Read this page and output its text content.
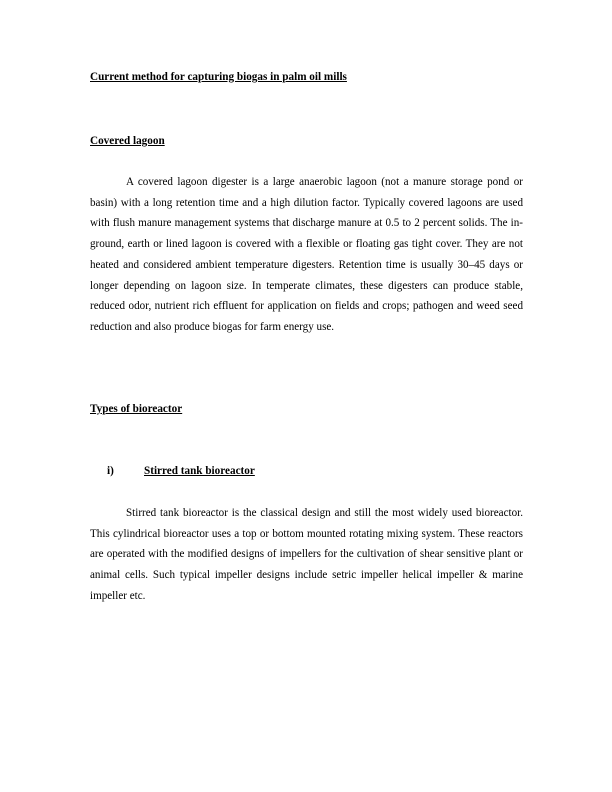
Current method for capturing biogas in palm oil mills
Covered lagoon

A covered lagoon digester is a large anaerobic lagoon (not a manure storage pond or basin) with a long retention time and a high dilution factor. Typically covered lagoons are used with flush manure management systems that discharge manure at 0.5 to 2 percent solids. The in-ground, earth or lined lagoon is covered with a flexible or floating gas tight cover. They are not heated and considered ambient temperature digesters. Retention time is usually 30–45 days or longer depending on lagoon size. In temperate climates, these digesters can produce stable, reduced odor, nutrient rich effluent for application on fields and crops; pathogen and weed seed reduction and also produce biogas for farm energy use.

Types of bioreactor
i)	Stirred tank bioreactor

Stirred tank bioreactor is the classical design and still the most widely used bioreactor. This cylindrical bioreactor uses a top or bottom mounted rotating mixing system. These reactors are operated with the modified designs of impellers for the cultivation of shear sensitive plant or animal cells. Such typical impeller designs include setric impeller helical impeller & marine impeller etc.
